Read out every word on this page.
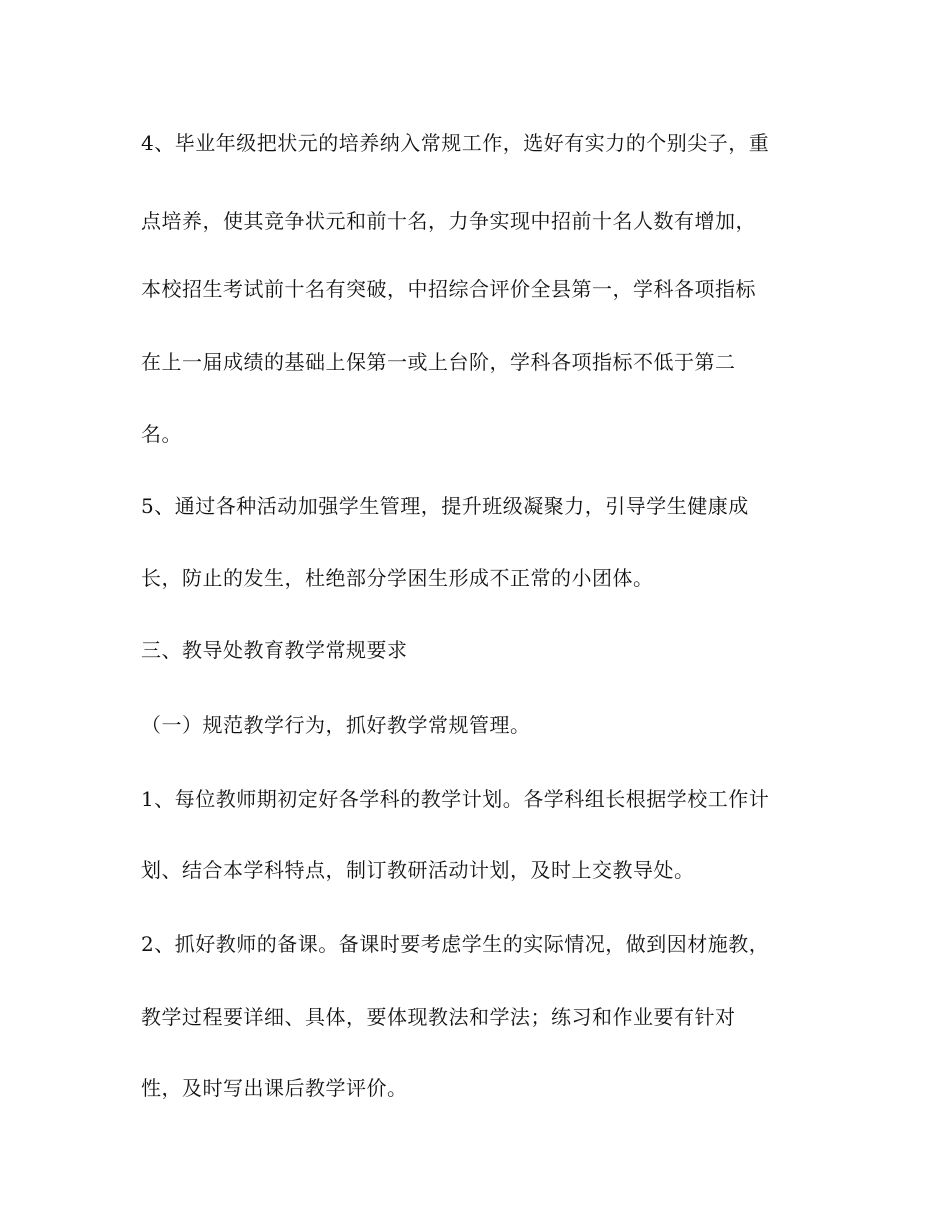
4、毕业年级把状元的培养纳入常规工作，选好有实力的个别尖子，重
点培养，使其竞争状元和前十名，力争实现中招前十名人数有增加，
本校招生考试前十名有突破，中招综合评价全县第一，学科各项指标
在上一届成绩的基础上保第一或上台阶，学科各项指标不低于第二
名。
5、通过各种活动加强学生管理，提升班级凝聚力，引导学生健康成
长，防止的发生，杜绝部分学困生形成不正常的小团体。
三、教导处教育教学常规要求
（一）规范教学行为，抓好教学常规管理。
1、每位教师期初定好各学科的教学计划。各学科组长根据学校工作计
划、结合本学科特点，制订教研活动计划，及时上交教导处。
2、抓好教师的备课。备课时要考虑学生的实际情况，做到因材施教，
教学过程要详细、具体，要体现教法和学法；练习和作业要有针对
性，及时写出课后教学评价。
